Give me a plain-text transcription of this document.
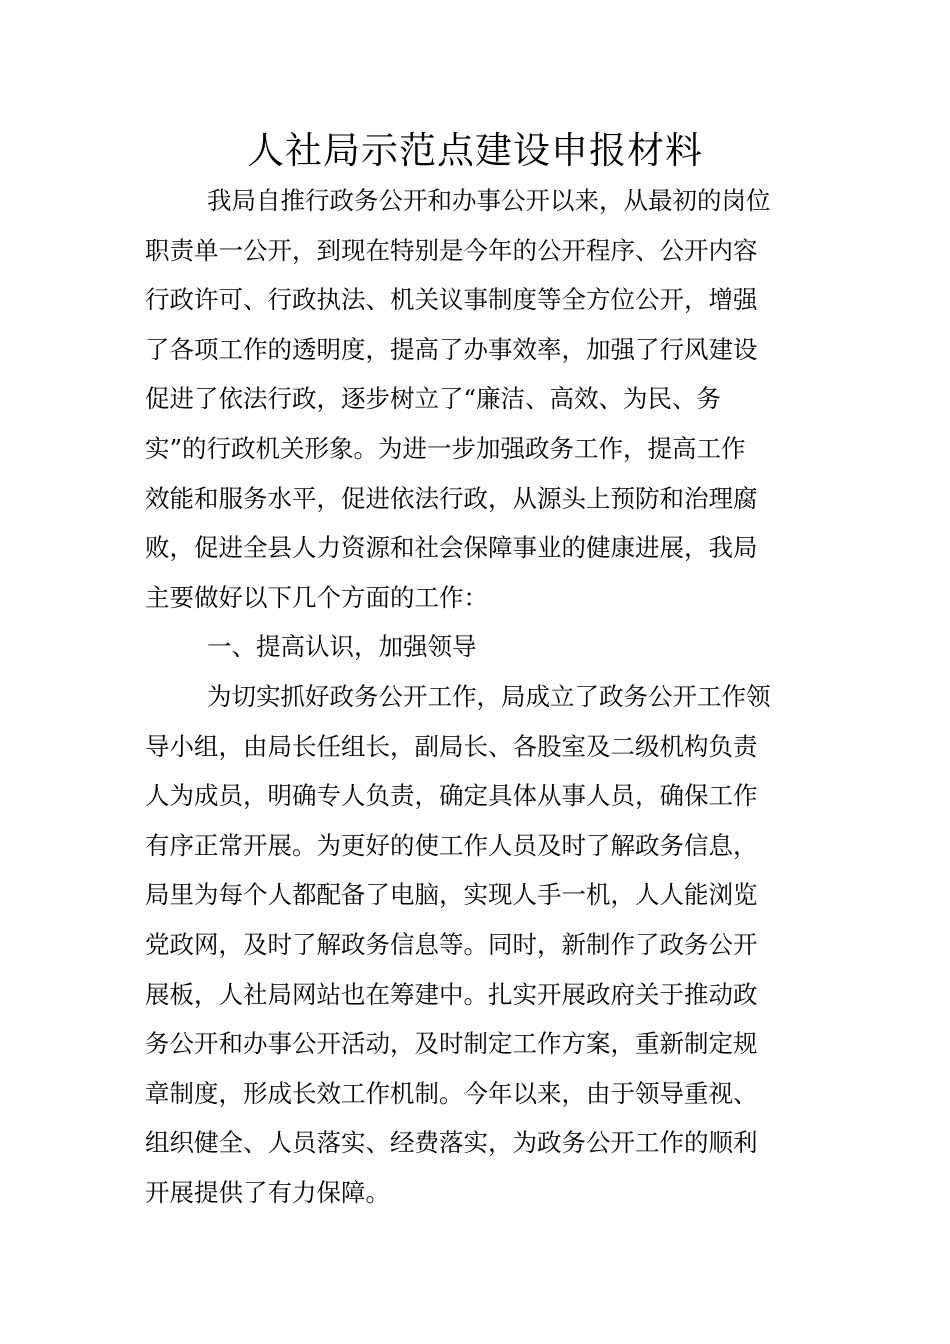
人社局示范点建设申报材料
我局自推行政务公开和办事公开以来，从最初的岗位
职责单一公开，到现在特别是今年的公开程序、公开内容
行政许可、行政执法、机关议事制度等全方位公开，增强
了各项工作的透明度，提高了办事效率，加强了行风建设
促进了依法行政，逐步树立了“廉洁、高效、为民、务
实”的行政机关形象。为进一步加强政务工作，提高工作
效能和服务水平，促进依法行政，从源头上预防和治理腐
败，促进全县人力资源和社会保障事业的健康进展，我局
主要做好以下几个方面的工作：
一、提高认识，加强领导
为切实抓好政务公开工作，局成立了政务公开工作领
导小组，由局长任组长，副局长、各股室及二级机构负责
人为成员，明确专人负责，确定具体从事人员，确保工作
有序正常开展。为更好的使工作人员及时了解政务信息，
局里为每个人都配备了电脑，实现人手一机，人人能浏览
党政网，及时了解政务信息等。同时，新制作了政务公开
展板，人社局网站也在筹建中。扎实开展政府关于推动政
务公开和办事公开活动，及时制定工作方案，重新制定规
章制度，形成长效工作机制。今年以来，由于领导重视、
组织健全、人员落实、经费落实，为政务公开工作的顺利
开展提供了有力保障。
